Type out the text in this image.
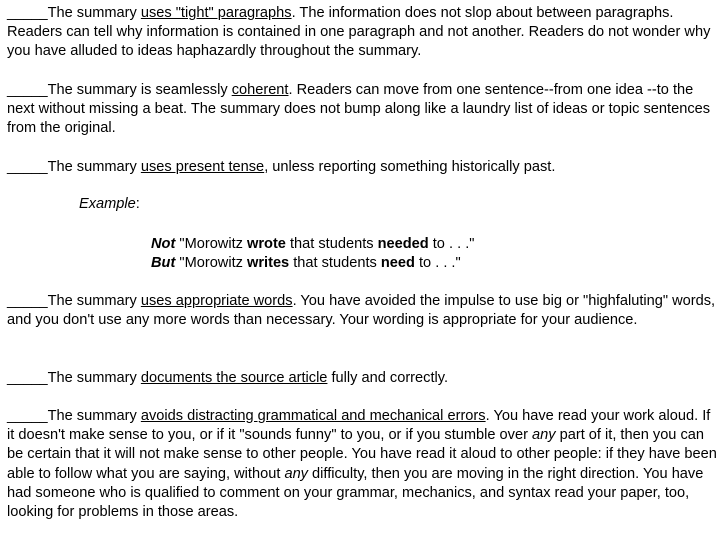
_____The summary uses "tight" paragraphs. The information does not slop about between paragraphs. Readers can tell why information is contained in one paragraph and not another. Readers do not wonder why you have alluded to ideas haphazardly throughout the summary.

_____The summary is seamlessly coherent. Readers can move from one sentence--from one idea --to the next without missing a beat. The summary does not bump along like a laundry list of ideas or topic sentences from the original.

_____The summary uses present tense, unless reporting something historically past.

Example:

Not "Morowitz wrote that students needed to . . ."

But "Morowitz writes that students need to . . ."

_____The summary uses appropriate words. You have avoided the impulse to use big or "highfaluting" words, and you don't use any more words than necessary. Your wording is appropriate for your audience.

_____The summary documents the source article fully and correctly.

_____The summary avoids distracting grammatical and mechanical errors. You have read your work aloud. If it doesn't make sense to you, or if it "sounds funny" to you, or if you stumble over any part of it, then you can be certain that it will not make sense to other people. You have read it aloud to other people: if they have been able to follow what you are saying, without any difficulty, then you are moving in the right direction. You have had someone who is qualified to comment on your grammar, mechanics, and syntax read your paper, too, looking for problems in those areas.
